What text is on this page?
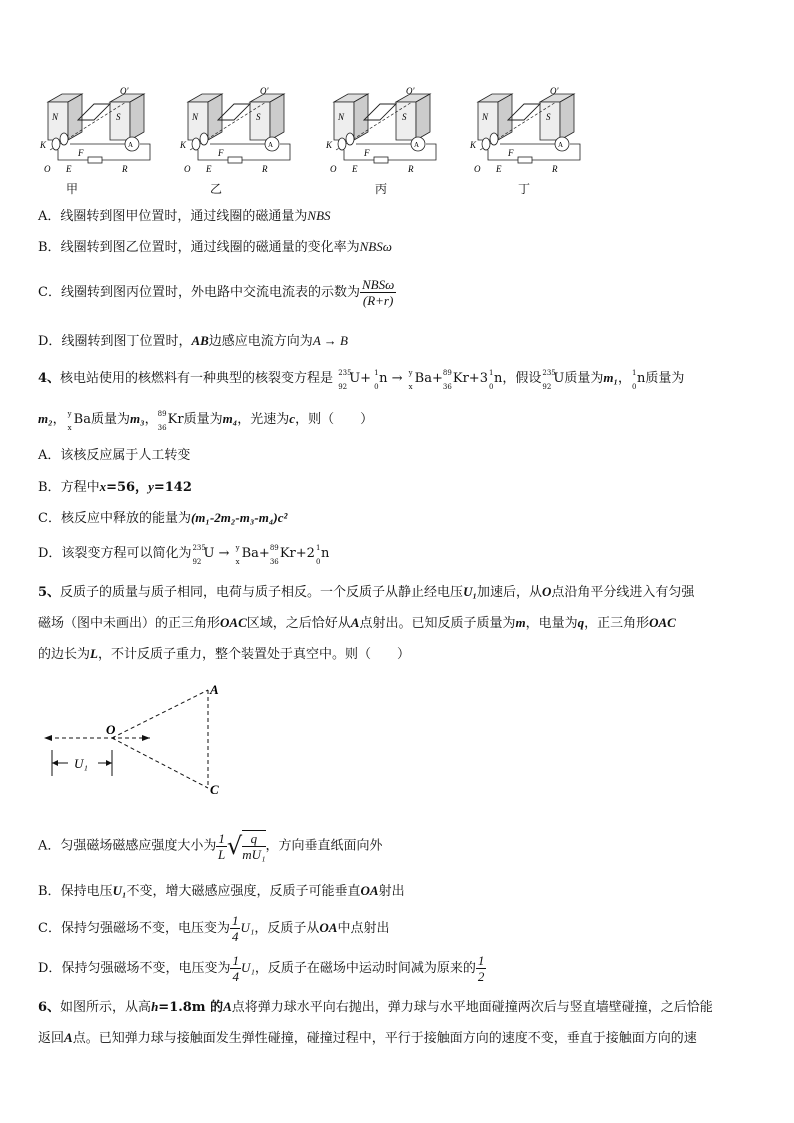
N	S
K
O E
F
R
A
O'
甲	乙	丙	丁
A．线圈转到图甲位置时，通过线圈的磁通量为NBS
B．线圈转到图乙位置时，通过线圈的磁通量的变化率为NBSω
C．线圈转到图丙位置时，外电路中交流电流表的示数为 $\frac{\text{NBSω}}{(R+r)}$
D．线圈转到图丁位置时，AB边感应电流方向为A → B
4、核电站使用的核燃料有一种典型的核裂变方程是 235
92
U+ 1
0
n → y
x
Ba+ 89
36
Kr+3 1
0
n，假设 235
92
U质量为m₁， 1
0
n质量为
m₂， y
x
Ba质量为m₃， 89
36
Kr质量为m₄，光速为c，则（　　）
A．该核反应属于人工转变
B．方程中x=56，y=142
C．核反应中释放的能量为(m₁-2m₂-m₃-m₄)c²
D．该裂变方程可以简化为 235
92
U → y
x
Ba+ 89
36
Kr+2 1
0
n
5、反质子的质量与质子相同，电荷与质子相反。一个反质子从静止经电压U₁加速后，从O点沿角平分线进入有匀强
磁场（图中未画出）的正三角形OAC区域，之后恰好从A点射出。已知反质子质量为m，电量为q，正三角形OAC
的边长为L，不计反质子重力，整个装置处于真空中。则（　　）
A
O
C
U₁
A．匀强磁场磁感应强度大小为 $\frac{1}{L}$ √ $\frac{q}{\text{mU₁}}$ ，方向垂直纸面向外
B．保持电压U₁不变，增大磁感应强度，反质子可能垂直OA射出
C．保持匀强磁场不变，电压变为 $\frac{1}{4} U_1$，反质子从OA中点射出
D．保持匀强磁场不变，电压变为 $\frac{1}{4} U_1$，反质子在磁场中运动时间减为原来的 $\frac{1}{2}$
6、如图所示，从高h=1.8m 的A点将弹力球水平向右抛出，弹力球与水平地面碰撞两次后与竖直墙壁碰撞，之后恰能
返回A点。已知弹力球与接触面发生弹性碰撞，碰撞过程中，平行于接触面方向的速度不变，垂直于接触面方向的速
